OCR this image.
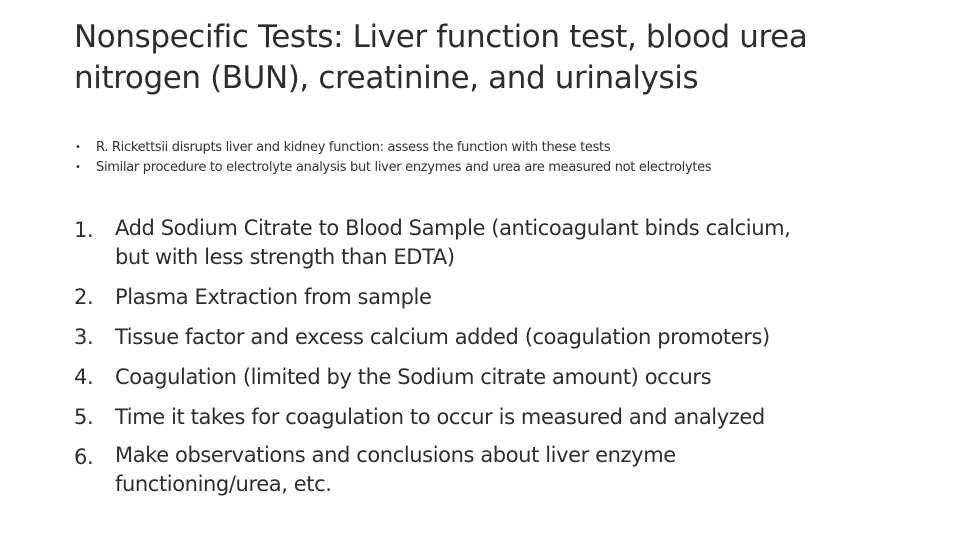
Nonspecific Tests: Liver function test, blood urea nitrogen (BUN), creatinine, and urinalysis
• R. Rickettsii disrupts liver and kidney function: assess the function with these tests
• Similar procedure to electrolyte analysis but liver enzymes and urea are measured not electrolytes
1.	Add Sodium Citrate to Blood Sample (anticoagulant binds calcium,
but with less strength than EDTA)
2.	Plasma Extraction from sample
3.	Tissue factor and excess calcium added (coagulation promoters)
4.	Coagulation (limited by the Sodium citrate amount) occurs
5.	Time it takes for coagulation to occur is measured and analyzed
6.	Make observations and conclusions about liver enzyme
functioning/urea, etc.
